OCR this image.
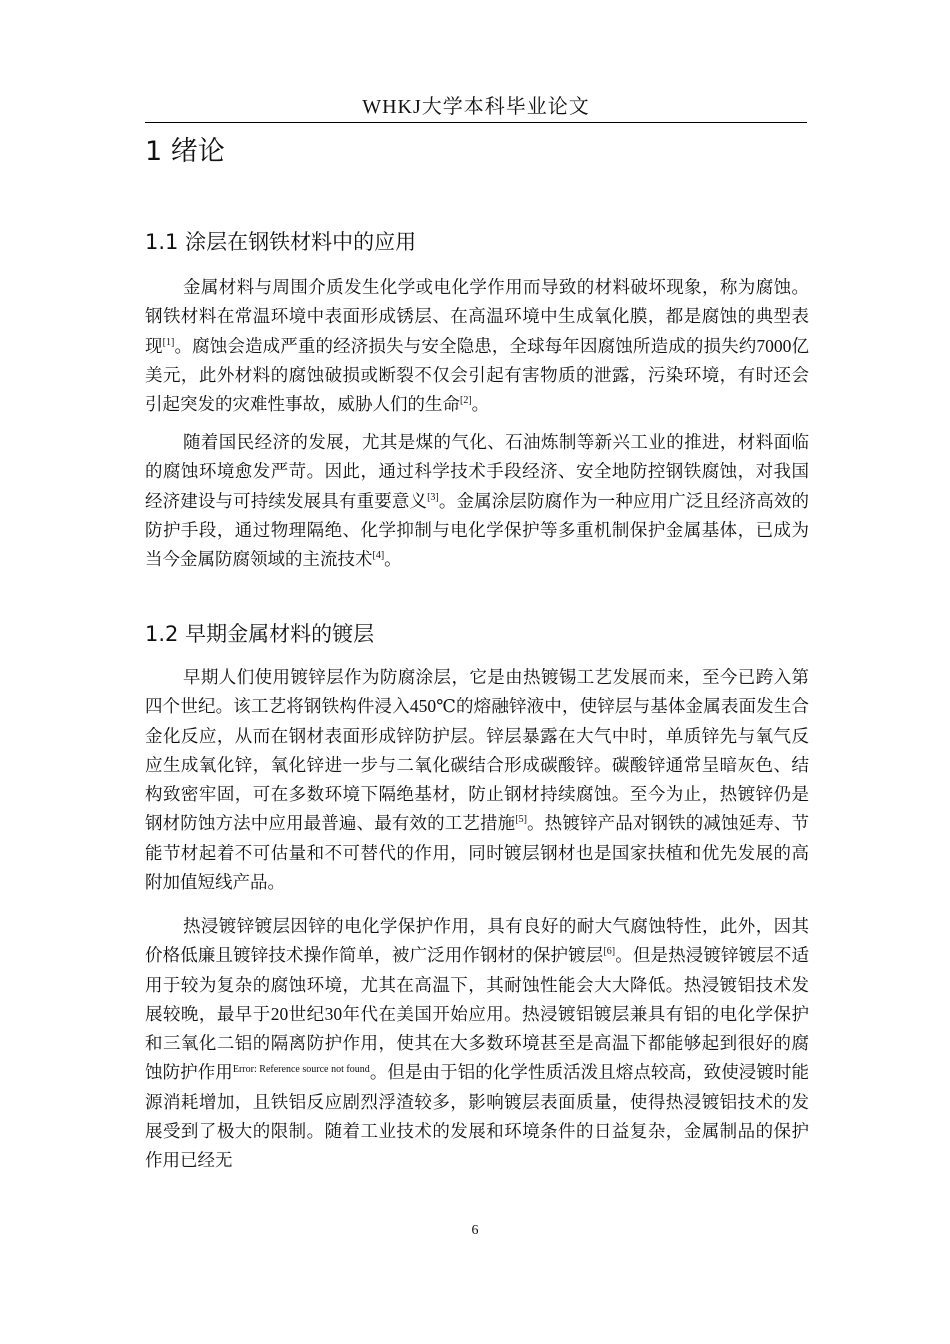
WHKJ大学本科毕业论文
1 绪论
1.1 涂层在钢铁材料中的应用

金属材料与周围介质发生化学或电化学作用而导致的材料破坏现象，称为腐蚀。钢铁材料在常温环境中表面形成锈层、在高温环境中生成氧化膜，都是腐蚀的典型表现[1]。腐蚀会造成严重的经济损失与安全隐患，全球每年因腐蚀所造成的损失约7000亿美元，此外材料的腐蚀破损或断裂不仅会引起有害物质的泄露，污染环境，有时还会引起突发的灾难性事故，威胁人们的生命[2]。

随着国民经济的发展，尤其是煤的气化、石油炼制等新兴工业的推进，材料面临的腐蚀环境愈发严苛。因此，通过科学技术手段经济、安全地防控钢铁腐蚀，对我国经济建设与可持续发展具有重要意义[3]。金属涂层防腐作为一种应用广泛且经济高效的防护手段，通过物理隔绝、化学抑制与电化学保护等多重机制保护金属基体，已成为当今金属防腐领域的主流技术[4]。

1.2 早期金属材料的镀层

早期人们使用镀锌层作为防腐涂层，它是由热镀锡工艺发展而来，至今已跨入第四个世纪。该工艺将钢铁构件浸入450℃的熔融锌液中，使锌层与基体金属表面发生合金化反应，从而在钢材表面形成锌防护层。锌层暴露在大气中时，单质锌先与氧气反应生成氧化锌，氧化锌进一步与二氧化碳结合形成碳酸锌。碳酸锌通常呈暗灰色、结构致密牢固，可在多数环境下隔绝基材，防止钢材持续腐蚀。至今为止，热镀锌仍是钢材防蚀方法中应用最普遍、最有效的工艺措施[5]。热镀锌产品对钢铁的减蚀延寿、节能节材起着不可估量和不可替代的作用，同时镀层钢材也是国家扶植和优先发展的高附加值短线产品。

热浸镀锌镀层因锌的电化学保护作用，具有良好的耐大气腐蚀特性，此外，因其价格低廉且镀锌技术操作简单，被广泛用作钢材的保护镀层[6]。但是热浸镀锌镀层不适用于较为复杂的腐蚀环境，尤其在高温下，其耐蚀性能会大大降低。热浸镀铝技术发展较晚，最早于20世纪30年代在美国开始应用。热浸镀铝镀层兼具有铝的电化学保护和三氧化二铝的隔离防护作用，使其在大多数环境甚至是高温下都能够起到很好的腐蚀防护作用$^{Error: Reference source not found}$。但是由于铝的化学性质活泼且熔点较高，致使浸镀时能源消耗增加，且铁铝反应剧烈浮渣较多，影响镀层表面质量，使得热浸镀铝技术的发展受到了极大的限制。随着工业技术的发展和环境条件的日益复杂，金属制品的保护作用已经无

6
